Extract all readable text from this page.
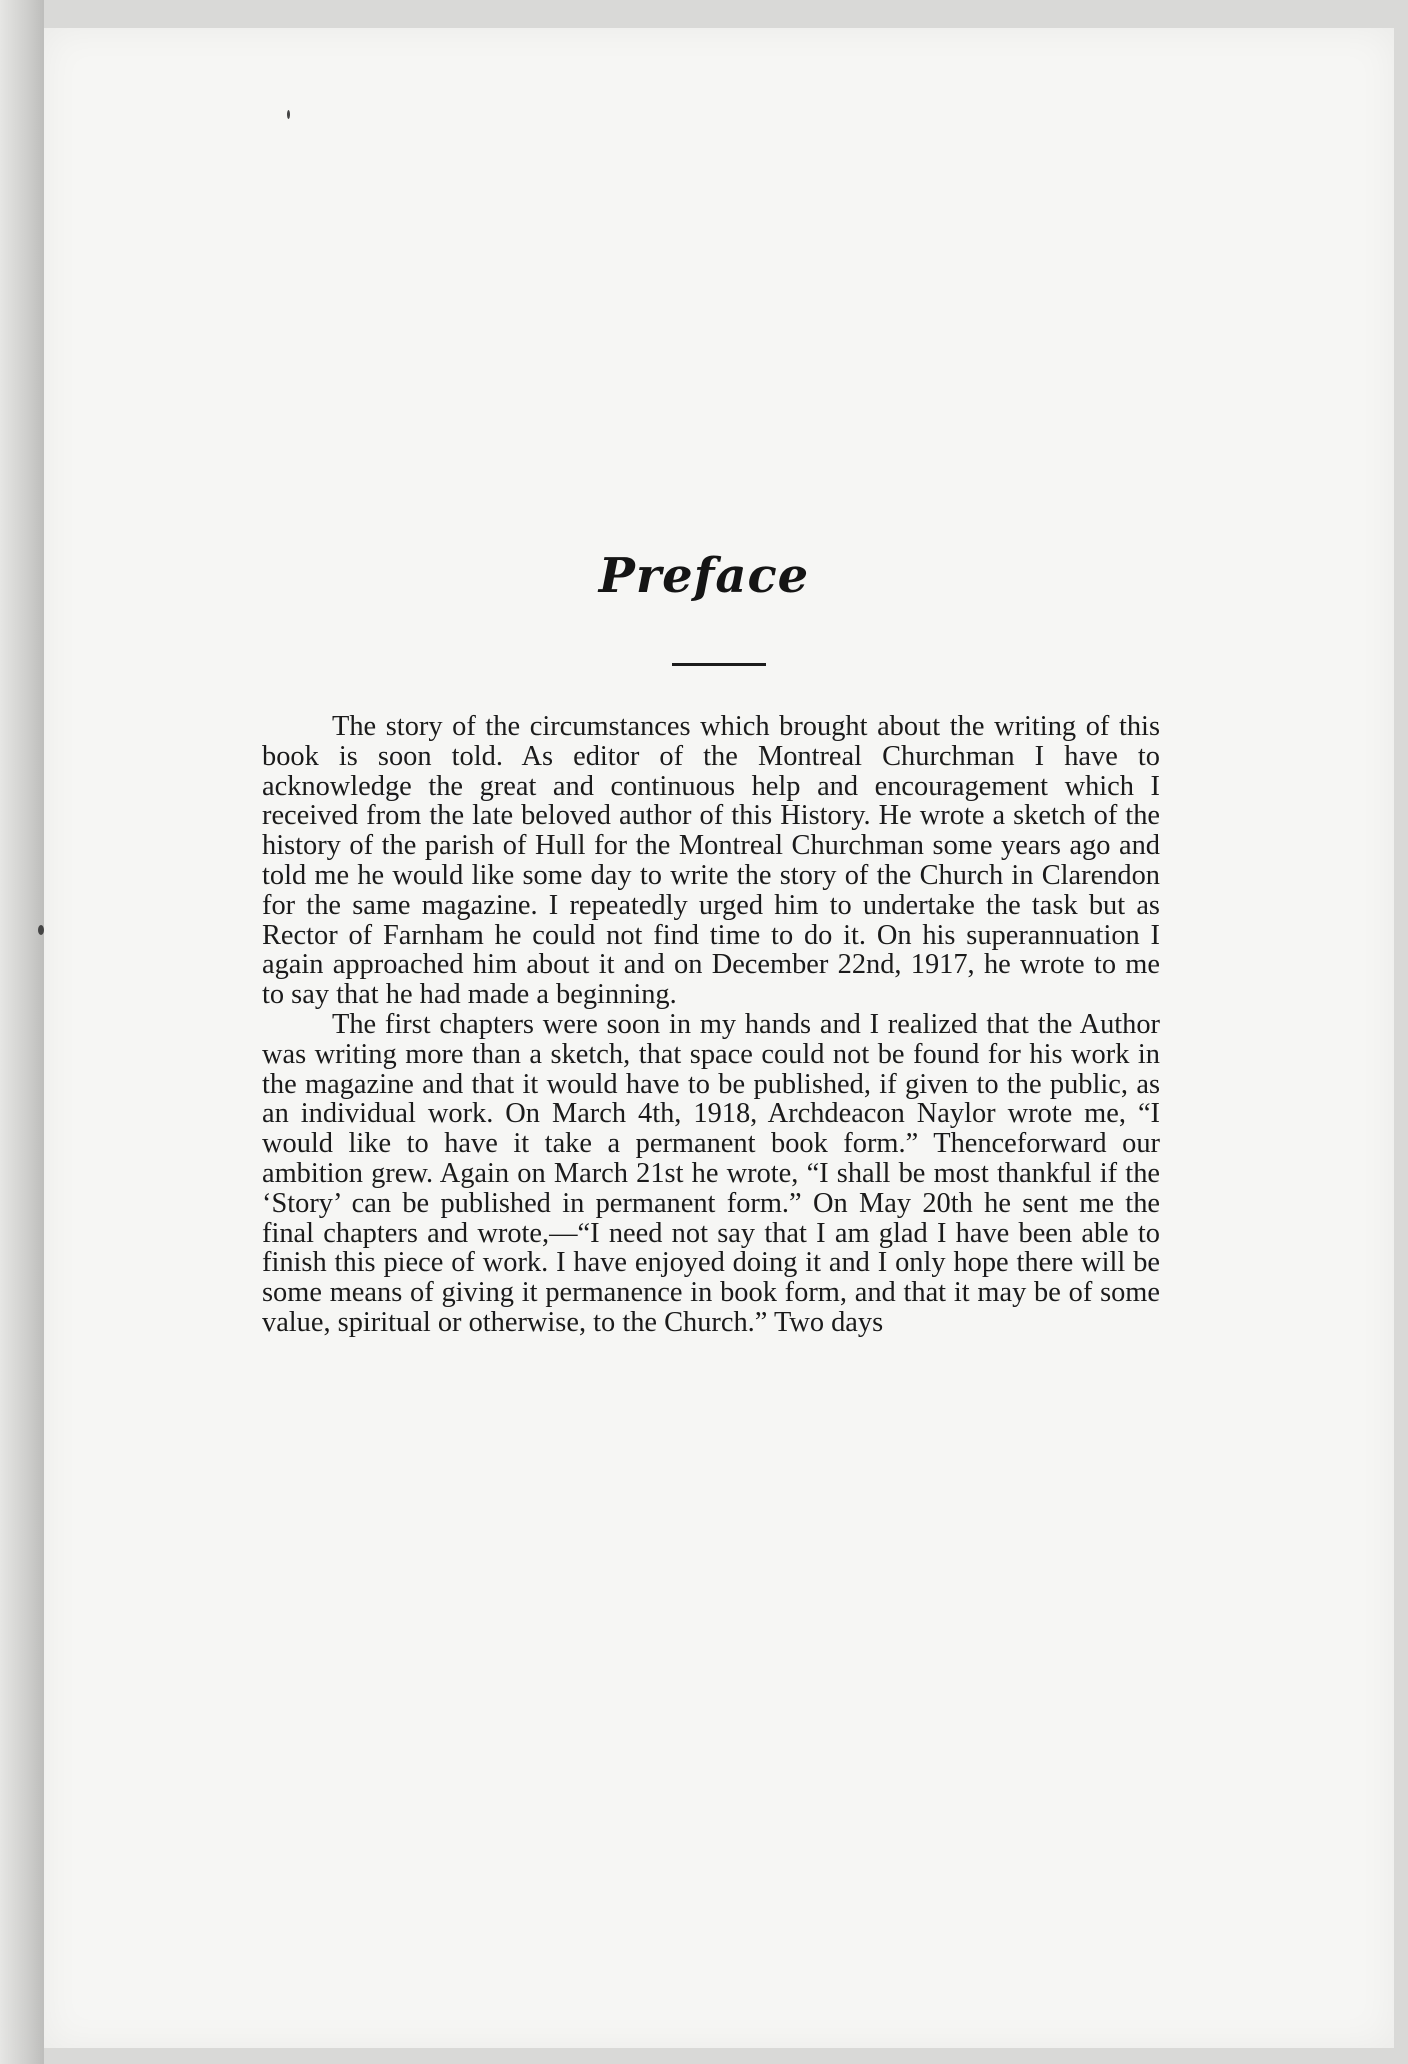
Preface

The story of the circumstances which brought about the writing of this book is soon told. As editor of the Montreal Churchman I have to acknowledge the great and continuous help and encouragement which I received from the late beloved author of this History. He wrote a sketch of the history of the parish of Hull for the Montreal Churchman some years ago and told me he would like some day to write the story of the Church in Clarendon for the same magazine. I repeatedly urged him to undertake the task but as Rector of Farnham he could not find time to do it. On his superannuation I again approached him about it and on December 22nd, 1917, he wrote to me to say that he had made a beginning.

The first chapters were soon in my hands and I realized that the Author was writing more than a sketch, that space could not be found for his work in the magazine and that it would have to be published, if given to the public, as an individual work. On March 4th, 1918, Archdeacon Naylor wrote me, “I would like to have it take a permanent book form.” Thenceforward our ambition grew. Again on March 21st he wrote, “I shall be most thankful if the ‘Story’ can be published in permanent form.” On May 20th he sent me the final chapters and wrote,—“I need not say that I am glad I have been able to finish this piece of work. I have enjoyed doing it and I only hope there will be some means of giving it permanence in book form, and that it may be of some value, spiritual or otherwise, to the Church.” Two days
